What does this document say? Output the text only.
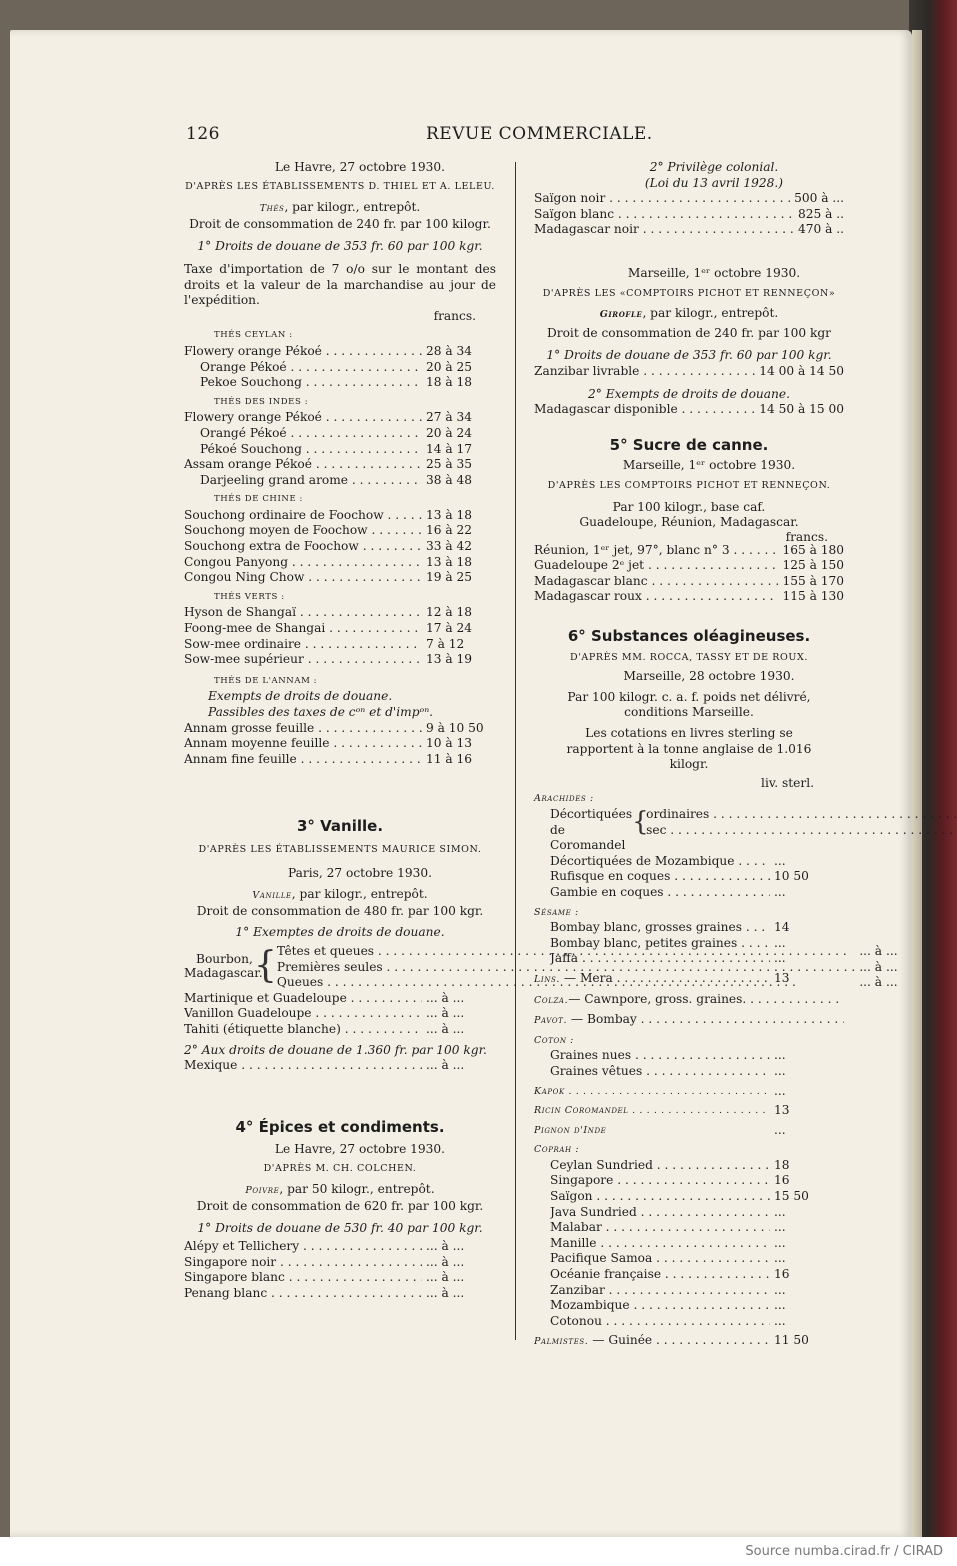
126	REVUE COMMERCIALE.
Le Havre, 27 octobre 1930.
D'APRÈS LES ÉTABLISSEMENTS D. THIEL ET A. LELEU.
Thés, par kilogr., entrepôt.
Droit de consommation de 240 fr. par 100 kilogr.
1° Droits de douane de 353 fr. 60 par 100 kgr.
Taxe d'importation de 7 o/o sur le montant des droits et la valeur de la marchandise au jour de l'expédition.
francs.
THÉS CEYLAN :
Flowery orange Pékoé . . .	28 à 34
Orange Pékoé . . .	20 à 25
Pekoe Souchong . . .	18 à 18
THÉS DES INDES :
Flowery orange Pékoé . . .	27 à 34
Orangé Pékoé . . .	20 à 24
Pékoé Souchong . . .	14 à 17
Assam orange Pékoé . . .	25 à 35
Darjeeling grand arome . . .	38 à 48
THÉS DE CHINE :
Souchong ordinaire de Foochow . . .	13 à 18
Souchong moyen de Foochow . . .	16 à 22
Souchong extra de Foochow . . .	33 à 42
Congou Panyong . . .	13 à 18
Congou Ning Chow . . .	19 à 25
THÉS VERTS :
Hyson de Shangaï . . .	12 à 18
Foong-mee de Shangai . . .	17 à 24
Sow-mee ordinaire . . .	7 à 12
Sow-mee supérieur . . .	13 à 19
THÉS DE L'ANNAM :
Exempts de droits de douane.
Passibles des taxes de cᵒⁿ et d'impᵒⁿ.
Annam grosse feuille . . .	9 à 10 50
Annam moyenne feuille . . .	10 à 13
Annam fine feuille . . .	11 à 16
3° Vanille.
D'APRÈS LES ÉTABLISSEMENTS MAURICE SIMON.
Paris, 27 octobre 1930.
Vanille, par kilogr., entrepôt.
Droit de consommation de 480 fr. par 100 kgr.
1° Exemptes de droits de douane.
Bourbon,
Madagascar.
{ Têtes et queues . . .	... à ...
Premières seules . . .	... à ...
Queues . . .	... à ...
Martinique et Guadeloupe . . .	... à ...
Vanillon Guadeloupe . . .	... à ...
Tahiti (étiquette blanche) . . .	... à ...
2° Aux droits de douane de 1.360 fr. par 100 kgr.
Mexique . . .	... à ...
4° Épices et condiments.
Le Havre, 27 octobre 1930.
D'APRÈS M. CH. COLCHEN.
Poivre, par 50 kilogr., entrepôt.
Droit de consommation de 620 fr. par 100 kgr.
1° Droits de douane de 530 fr. 40 par 100 kgr.
Alépy et Tellichery . . .	... à ...
Singapore noir . . .	... à ...
Singapore blanc . . .	... à ...
Penang blanc . . .	... à ...
2° Privilège colonial.
(Loi du 13 avril 1928.)
Saïgon noir . . .	500 à ...
Saïgon blanc . . .	825 à ..
Madagascar noir . . .	470 à ..
Marseille, 1ᵉʳ octobre 1930.
D'APRÈS LES «COMPTOIRS PICHOT ET RENNEÇON»
Girofle, par kilogr., entrepôt.
Droit de consommation de 240 fr. par 100 kgr
1° Droits de douane de 353 fr. 60 par 100 kgr.
Zanzibar livrable . . .	14 00 à 14 50
2° Exempts de droits de douane.
Madagascar disponible . . .	14 50 à 15 00
5° Sucre de canne.
Marseille, 1ᵉʳ octobre 1930.
D'APRÈS LES COMPTOIRS PICHOT ET RENNEÇON.
Par 100 kilogr., base caf.
Guadeloupe, Réunion, Madagascar.
francs.
Réunion, 1ᵉʳ jet, 97°, blanc n° 3 . . .	165 à 180
Guadeloupe 2ᵉ jet . . .	125 à 150
Madagascar blanc . . .	155 à 170
Madagascar roux . . .	115 à 130
6° Substances oléagineuses.
D'APRÈS MM. ROCCA, TASSY ET DE ROUX.
Marseille, 28 octobre 1930.
Par 100 kilogr. c. a. f. poids net délivré, conditions Marseille.
Les cotations en livres sterling se rapportent à la tonne anglaise de 1.016 kilogr.
liv. sterl.
Arachides :
Décortiquées
de Coromandel
{
ordinaires . . .
sec . . .
Décortiquées de Mozambique . . .	...
Rufisque en coques . . .	10 50
Gambie en coques . . .	...
Sésame :
Bombay blanc, grosses graines . . .	14
Bombay blanc, petites graines . . .	...
Jaffa . . .	...
Lins. — Mera . . .	13
Colza.— Cawnpore, gross. graines. . . .
Pavot. — Bombay . . .
Coton :
Graines nues . . .	...
Graines vêtues . . .	...
Kapok . . .	...
Ricin Coromandel . . .	13
Pignon d'Inde	...
Coprah :
Ceylan Sundried . . .	18
Singapore . . .	16
Saïgon . . .	15 50
Java Sundried . . .	...
Malabar . . .	...
Manille . . .	...
Pacifique Samoa . . .	...
Océanie française . . .	16
Zanzibar . . .	...
Mozambique . . .	...
Cotonou . . .	...
Palmistes. — Guinée . . .	11 50
Source numba.cirad.fr / CIRAD
